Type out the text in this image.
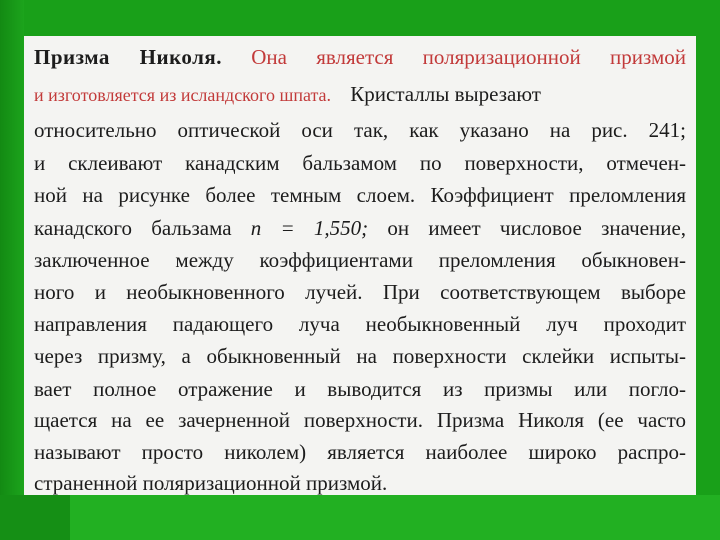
Призма Николя. Она является поляризационной призмой
и изготовляется из исландского шпата. Кристаллы вырезают
относительно оптической оси так, как указано на рис. 241;
и склеивают канадским бальзамом по поверхности, отмечен-
ной на рисунке более темным слоем. Коэффициент преломления
канадского бальзама n = 1,550; он имеет числовое значение,
заключенное между коэффициентами преломления обыкновен-
ного и необыкновенного лучей. При соответствующем выборе
направления падающего луча необыкновенный луч проходит
через призму, а обыкновенный на поверхности склейки испыты-
вает полное отражение и выводится из призмы или погло-
щается на ее зачерненной поверхности. Призма Николя (ее часто
называют просто николем) является наиболее широко распро-
страненной поляризационной призмой.
